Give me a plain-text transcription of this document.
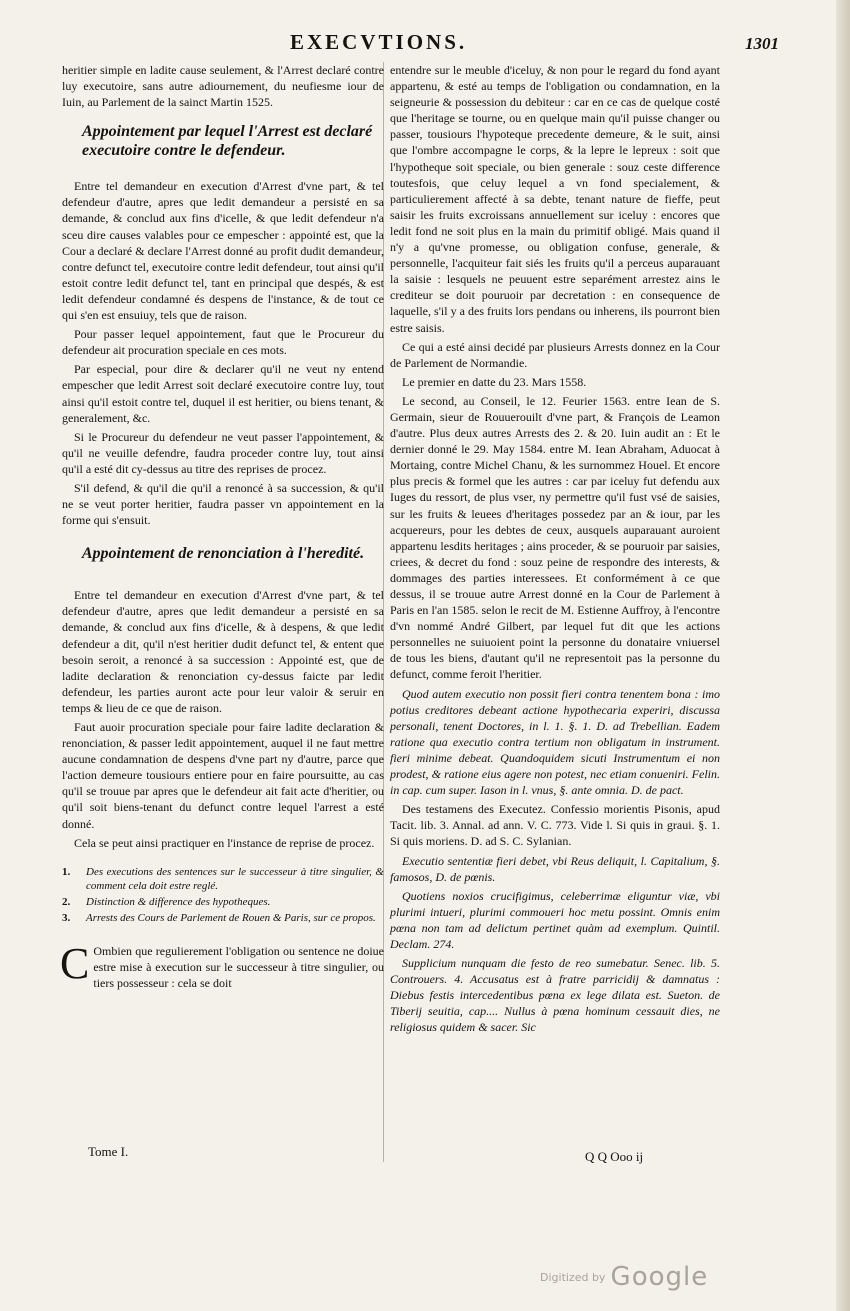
EXECVTIONS.	1301

heritier simple en ladite cause seulement, & l'Arrest declaré contre luy executoire, sans autre adiournement, du neufiesme iour de Iuin, au Parlement de la sainct Martin 1525.

Appointement par lequel l'Arrest est declaré executoire contre le defendeur.

Entre tel demandeur en execution d'Arrest d'vne part, & tel defendeur d'autre, apres que ledit demandeur a persisté en sa demande, & conclud aux fins d'icelle, & que ledit defendeur n'a sceu dire causes valables pour ce empescher : appointé est, que la Cour a declaré & declare l'Arrest donné au profit dudit demandeur, contre defunct tel, executoire contre ledit defendeur, tout ainsi qu'il estoit contre ledit defunct tel, tant en principal que despés, & est ledit defendeur condamné és despens de l'instance, & de tout ce qui s'en est ensuiuy, tels que de raison.

Pour passer lequel appointement, faut que le Procureur du defendeur ait procuration speciale en ces mots.

Par especial, pour dire & declarer qu'il ne veut ny entend empescher que ledit Arrest soit declaré executoire contre luy, tout ainsi qu'il estoit contre tel, duquel il est heritier, ou biens tenant, & generalement, &c.

Si le Procureur du defendeur ne veut passer l'appointement, & qu'il ne veuille defendre, faudra proceder contre luy, tout ainsi qu'il a esté dit cy-dessus au titre des reprises de procez.

S'il defend, & qu'il die qu'il a renoncé à sa succession, & qu'il ne se veut porter heritier, faudra passer vn appointement en la forme qui s'ensuit.

Appointement de renonciation à l'heredité.

Entre tel demandeur en execution d'Arrest d'vne part, & tel defendeur d'autre, apres que ledit demandeur a persisté en sa demande, & conclud aux fins d'icelle, & à despens, & que ledit defendeur a dit, qu'il n'est heritier dudit defunct tel, & entent que besoin seroit, a renoncé à sa succession : Appointé est, que de ladite declaration & renonciation cy-dessus faicte par ledit defendeur, les parties auront acte pour leur valoir & seruir en temps & lieu de ce que de raison.

Faut auoir procuration speciale pour faire ladite declaration & renonciation, & passer ledit appointement, auquel il ne faut mettre aucune condamnation de despens d'vne part ny d'autre, parce que l'action demeure tousiours entiere pour en faire poursuitte, au cas qu'il se trouue par apres que le defendeur ait fait acte d'heritier, ou qu'il soit biens-tenant du defunct contre lequel l'arrest a esté donné.

Cela se peut ainsi practiquer en l'instance de reprise de procez.

1.	Des executions des sentences sur le successeur à titre singulier, & comment cela doit estre reglé.
2.	Distinction & difference des hypotheques.
3.	Arrests des Cours de Parlement de Rouen & Paris, sur ce propos.

C Ombien que regulierement l'obligation ou sentence ne doiue estre mise à execution sur le successeur à titre singulier, ou tiers possesseur : cela se doit

entendre sur le meuble d'iceluy, & non pour le regard du fond ayant appartenu, & esté au temps de l'obligation ou condamnation, en la seigneurie & possession du debiteur : car en ce cas de quelque costé que l'heritage se tourne, ou en quelque main qu'il puisse changer ou passer, tousiours l'hypoteque precedente demeure, & le suit, ainsi que l'ombre accompagne le corps, & la lepre le lepreux : soit que l'hypotheque soit speciale, ou bien generale : souz ceste difference toutesfois, que celuy lequel a vn fond specialement, & particulierement affecté à sa debte, tenant nature de fieffe, peut saisir les fruits excroissans annuellement sur iceluy : encores que ledit fond ne soit plus en la main du primitif obligé. Mais quand il n'y a qu'vne promesse, ou obligation confuse, generale, & personnelle, l'acquiteur fait siés les fruits qu'il a perceus auparauant la saisie : lesquels ne peuuent estre separément arrestez ains le crediteur se doit pouruoir par decretation : en consequence de laquelle, s'il y a des fruits lors pendans ou inherens, ils pourront bien estre saisis.

Ce qui a esté ainsi decidé par plusieurs Arrests donnez en la Cour de Parlement de Normandie.

Le premier en datte du 23. Mars 1558.

Le second, au Conseil, le 12. Feurier 1563. entre Iean de S. Germain, sieur de Rouuerouilt d'vne part, & François de Leamon d'autre. Plus deux autres Arrests des 2. & 20. Iuin audit an : Et le dernier donné le 29. May 1584. entre M. Iean Abraham, Aduocat à Mortaing, contre Michel Chanu, & les surnommez Houel. Et encore plus precis & formel que les autres : car par iceluy fut defendu aux Iuges du ressort, de plus vser, ny permettre qu'il fust vsé de saisies, sur les fruits & leuees d'heritages possedez par an & iour, par les acquereurs, pour les debtes de ceux, ausquels auparauant auroient appartenu lesdits heritages ; ains proceder, & se pouruoir par saisies, criees, & decret du fond : souz peine de respondre des interests, & dommages des parties interessees. Et conformément à ce que dessus, il se trouue autre Arrest donné en la Cour de Parlement à Paris en l'an 1585. selon le recit de M. Estienne Auffroy, à l'encontre d'vn nommé André Gilbert, par lequel fut dit que les actions personnelles ne suiuoient point la personne du donataire vniuersel de tous les biens, d'autant qu'il ne representoit pas la personne du defunct, comme feroit l'heritier.

Quod autem executio non possit fieri contra tenentem bona : imo potius creditores debeant actione hypothecaria experiri, discussa personali, tenent Doctores, in l. 1. §. 1. D. ad Trebellian. Eadem ratione qua executio contra tertium non obligatum in instrument. fieri minime debeat. Quandoquidem sicuti Instrumentum ei non prodest, & ratione eius agere non potest, nec etiam conueniri. Felin. in cap. cum super. Iason in l. vnus, §. ante omnia. D. de pact.

Des testamens des Executez. Confessio morientis Pisonis, apud Tacit. lib. 3. Annal. ad ann. V. C. 773. Vide l. Si quis in graui. §. 1. Si quis moriens. D. ad S. C. Sylanian.

Executio sententiæ fieri debet, vbi Reus deliquit, l. Capitalium, §. famosos, D. de pœnis.

Quotiens noxios crucifigimus, celeberrimæ eliguntur viæ, vbi plurimi intueri, plurimi commoueri hoc metu possint. Omnis enim pœna non tam ad delictum pertinet quàm ad exemplum. Quintil. Declam. 274.

Supplicium nunquam die festo de reo sumebatur. Senec. lib. 5. Controuers. 4. Accusatus est à fratre parricidij & damnatus : Diebus festis intercedentibus pœna ex lege dilata est. Sueton. de Tiberij seuitia, cap.... Nullus à pœna hominum cessauit dies, ne religiosus quidem & sacer. Sic

Tome I.	Q Q Ooo ij
$^{Digitized by}$ Google
